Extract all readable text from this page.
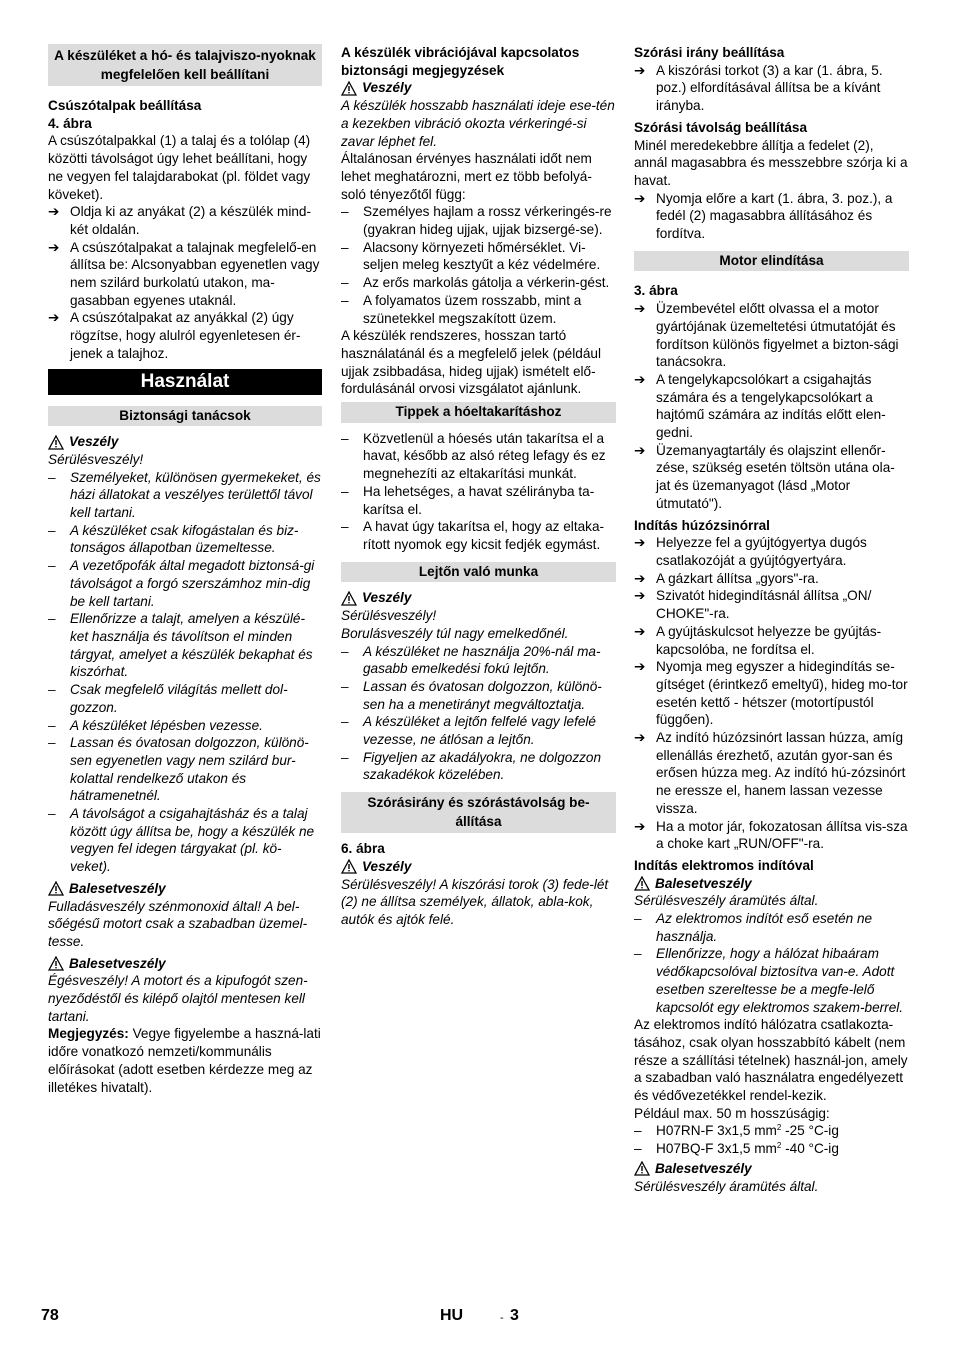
A készüléket a hó- és talajviszo-nyoknak megfelelően kell beállítani

Csúszótalpak beállítása

4. ábra

A csúszótalpakkal (1) a talaj és a tolólap (4) közötti távolságot úgy lehet beállítani, hogy ne vegyen fel talajdarabokat (pl. földet vagy köveket).

➔ Oldja ki az anyákat (2) a készülék mind-két oldalán.
➔ A csúszótalpakat a talajnak megfelelő-en állítsa be: Alcsonyabban egyenetlen vagy nem szilárd burkolatú utakon, ma-gasabban egyenes utaknál.
➔ A csúszótalpakat az anyákkal (2) úgy rögzítse, hogy alulról egyenletesen ér-jenek a talajhoz.

Használat

Biztonsági tanácsok

Veszély

Sérülésveszély!

–	Személyeket, különösen gyermekeket, és házi állatokat a veszélyes területtől távol kell tartani.
–	A készüléket csak kifogástalan és biz-tonságos állapotban üzemeltesse.
–	A vezetőpofák által megadott biztonsá-gi távolságot a forgó szerszámhoz min-dig be kell tartani.
–	Ellenőrizze a talajt, amelyen a készülé-ket használja és távolítson el minden tárgyat, amelyet a készülék bekaphat és kiszórhat.
–	Csak megfelelő világítás mellett dol-gozzon.
–	A készüléket lépésben vezesse.
–	Lassan és óvatosan dolgozzon, különö-sen egyenetlen vagy nem szilárd bur-kolattal rendelkező utakon és hátramenetnél.
–	A távolságot a csigahajtásház és a talaj között úgy állítsa be, hogy a készülék ne vegyen fel idegen tárgyakat (pl. kö-veket).
Balesetveszély

Fulladásveszély szénmonoxid által! A bel-sőégésű motort csak a szabadban üzemel-tesse.

Balesetveszély

Égésveszély! A motort és a kipufogót szen-nyeződéstől és kilépő olajtól mentesen kell tartani.

Megjegyzés: Vegye figyelembe a haszná-lati időre vonatkozó nemzeti/kommunális előírásokat (adott esetben kérdezze meg az illetékes hivatalt).

A készülék vibrációjával kapcsolatos biztonsági megjegyzések

Veszély

A készülék hosszabb használati ideje ese-tén a kezekben vibráció okozta vérkeringé-si zavar léphet fel.

Általánosan érvényes használati időt nem lehet meghatározni, mert ez több befolyá-soló tényezőtől függ:

–	Személyes hajlam a rossz vérkeringés-re (gyakran hideg ujjak, ujjak bizsergé-se).
–	Alacsony környezeti hőmérséklet. Vi-seljen meleg kesztyűt a kéz védelmére.
–	Az erős markolás gátolja a vérkerin-gést.
–	A folyamatos üzem rosszabb, mint a szünetekkel megszakított üzem.

A készülék rendszeres, hosszan tartó használatánál és a megfelelő jelek (például ujjak zsibbadása, hideg ujjak) ismételt elő-fordulásánál orvosi vizsgálatot ajánlunk.

Tippek a hóeltakarításhoz

–	Közvetlenül a hóesés után takarítsa el a havat, később az alsó réteg lefagy és ez megnehezíti az eltakarítási munkát.
–	Ha lehetséges, a havat szélirányba ta-karítsa el.
–	A havat úgy takarítsa el, hogy az eltaka-rított nyomok egy kicsit fedjék egymást.

Lejtőn való munka

Veszély

Sérülésveszély!

Borulásveszély túl nagy emelkedőnél.

–	A készüléket ne használja 20%-nál ma-gasabb emelkedési fokú lejtőn.
–	Lassan és óvatosan dolgozzon, különö-sen ha a menetirányt megváltoztatja.
–	A készüléket a lejtőn felfelé vagy lefelé vezesse, ne átlósan a lejtőn.
–	Figyeljen az akadályokra, ne dolgozzon szakadékok közelében.

Szórásirány és szórástávolság be-állítása

6. ábra

Veszély

Sérülésveszély! A kiszórási torok (3) fede-lét (2) ne állítsa személyek, állatok, abla-kok, autók és ajtók felé.

Szórási irány beállítása

➔ A kiszórási torkot (3) a kar (1. ábra, 5. poz.) elfordításával állítsa be a kívánt irányba.

Szórási távolság beállítása

Minél meredekebbre állítja a fedelet (2), annál magasabbra és messzebbre szórja ki a havat.

➔ Nyomja előre a kart (1. ábra, 3. poz.), a fedél (2) magasabbra állításához és fordítva.

Motor elindítása

3. ábra

➔ Üzembevétel előtt olvassa el a motor gyártójának üzemeltetési útmutatóját és fordítson különös figyelmet a bizton-sági tanácsokra.
➔ A tengelykapcsolókart a csigahajtás számára és a tengelykapcsolókart a hajtómű számára az indítás előtt elen-gedni.
➔ Üzemanyagtartály és olajszint ellenőr-zése, szükség esetén töltsön utána ola-jat és üzemanyagot (lásd „Motor útmutató").

Indítás húzózsinórral

➔ Helyezze fel a gyújtógyertya dugós csatlakozóját a gyújtógyertyára.
➔ A gázkart állítsa „gyors"-ra.
➔ Szivatót hidegindításnál állítsa „ON/ CHOKE"-ra.
➔ A gyújtáskulcsot helyezze be gyújtás-kapcsolóba, ne fordítsa el.
➔ Nyomja meg egyszer a hidegindítás se-gítséget (érintkező emeltyű), hideg mo-tor esetén kettő - hétszer (motortípustól függően).
➔ Az indító húzózsinórt lassan húzza, amíg ellenállás érezhető, azután gyor-san és erősen húzza meg. Az indító hú-zózsinórt ne eressze el, hanem lassan vezesse vissza.
➔ Ha a motor jár, fokozatosan állítsa vis-sza a choke kart „RUN/OFF"-ra.

Indítás elektromos indítóval

Balesetveszély

Sérülésveszély áramütés által.

–	Az elektromos indítót eső esetén ne használja.
–	Ellenőrizze, hogy a hálózat hibaáram védőkapcsolóval biztosítva van-e. Adott esetben szereltesse be a megfe-lelő kapcsolót egy elektromos szakem-berrel.

Az elektromos indító hálózatra csatlakozta-tásához, csak olyan hosszabbító kábelt (nem része a szállítási tételnek) használ-jon, amely a szabadban való használatra engedélyezett és védővezetékkel rendel-kezik.

Például max. 50 m hosszúságig:

–	H07RN-F 3x1,5 $mm^2$ -25 °C-ig
–	H07BQ-F 3x1,5 $mm^2$ -40 °C-ig
Balesetveszély

Sérülésveszély áramütés által.

78	HU	- 3
